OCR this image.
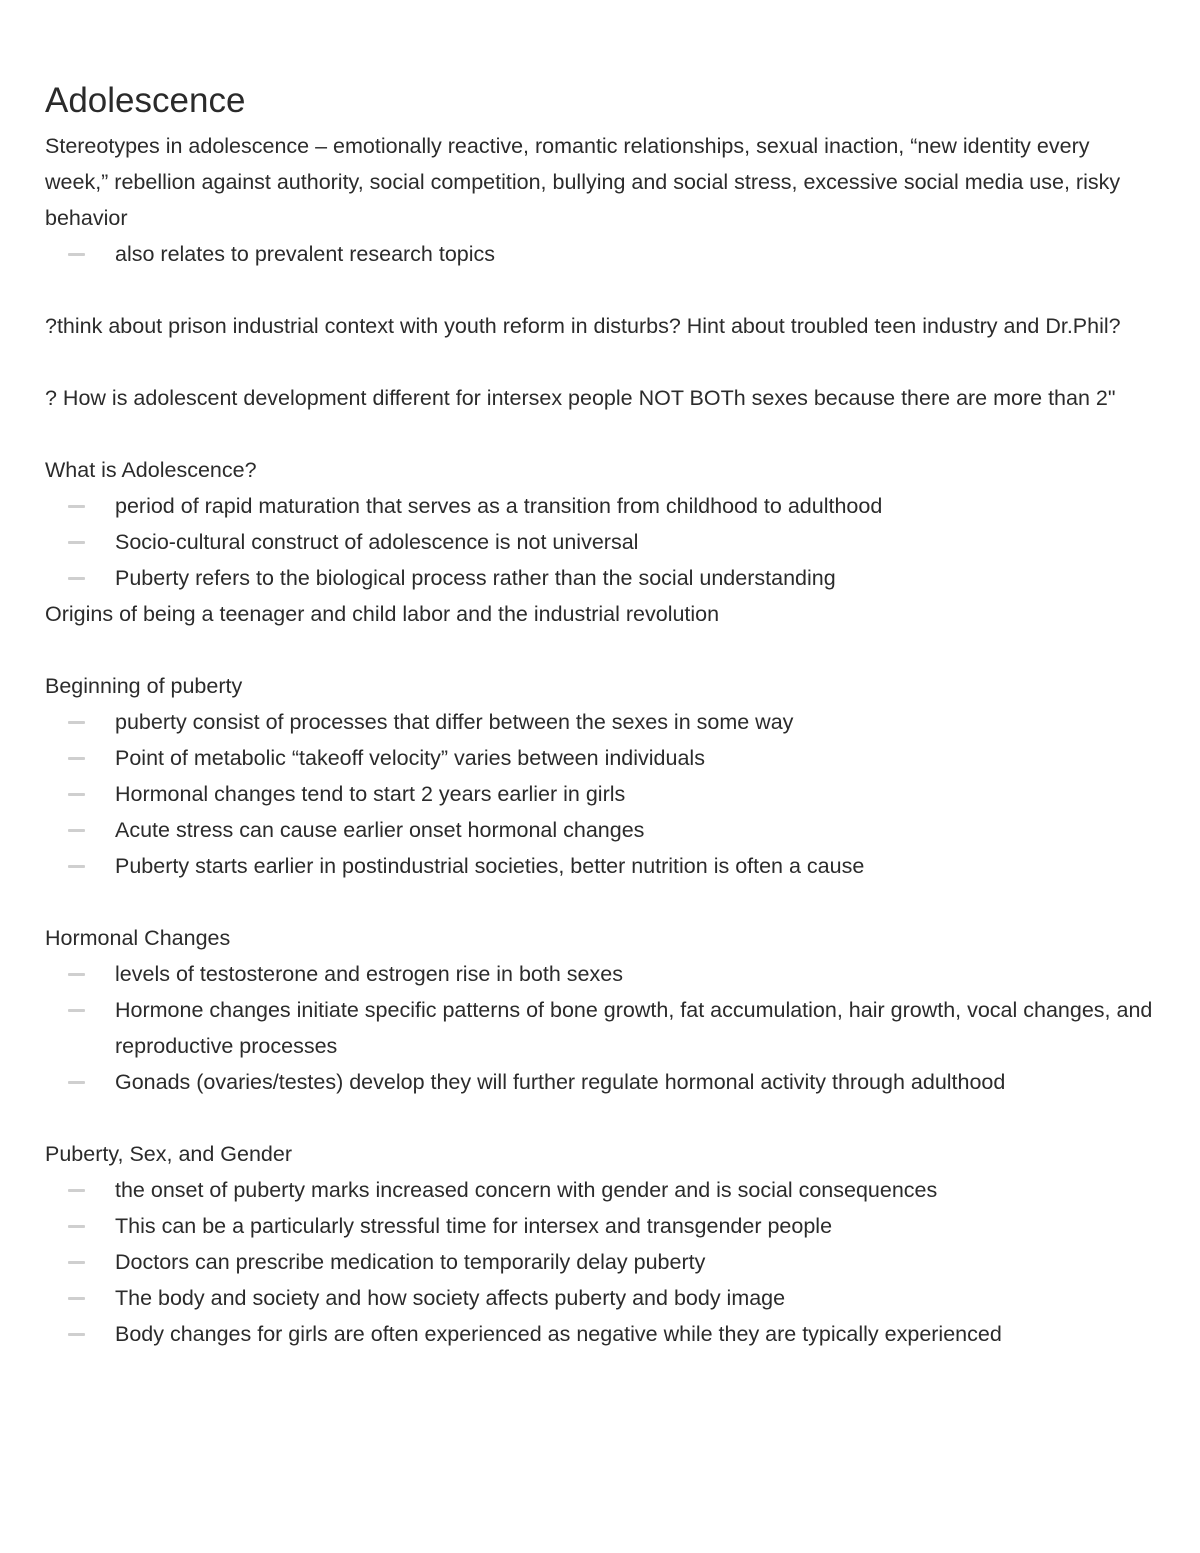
Adolescence

Stereotypes in adolescence – emotionally reactive, romantic relationships, sexual inaction, “new identity every week,” rebellion against authority, social competition, bullying and social stress, excessive social media use, risky behavior

also relates to prevalent research topics

?think about prison industrial context with youth reform in disturbs? Hint about troubled teen industry and Dr.Phil?

? How is adolescent development different for intersex people NOT BOTh sexes because there are more than 2"

What is Adolescence?

period of rapid maturation that serves as a transition from childhood to adulthood
Socio-cultural construct of adolescence is not universal
Puberty refers to the biological process rather than the social understanding

Origins of being a teenager and child labor and the industrial revolution

Beginning of puberty

puberty consist of processes that differ between the sexes in some way
Point of metabolic “takeoff velocity” varies between individuals
Hormonal changes tend to start 2 years earlier in girls
Acute stress can cause earlier onset hormonal changes
Puberty starts earlier in postindustrial societies, better nutrition is often a cause

Hormonal Changes

levels of testosterone and estrogen rise in both sexes
Hormone changes initiate specific patterns of bone growth, fat accumulation, hair growth, vocal changes, and reproductive processes
Gonads (ovaries/testes) develop they will further regulate hormonal activity through adulthood

Puberty, Sex, and Gender

the onset of puberty marks increased concern with gender and is social consequences
This can be a particularly stressful time for intersex and transgender people
Doctors can prescribe medication to temporarily delay puberty
The body and society and how society affects puberty and body image
Body changes for girls are often experienced as negative while they are typically experienced
